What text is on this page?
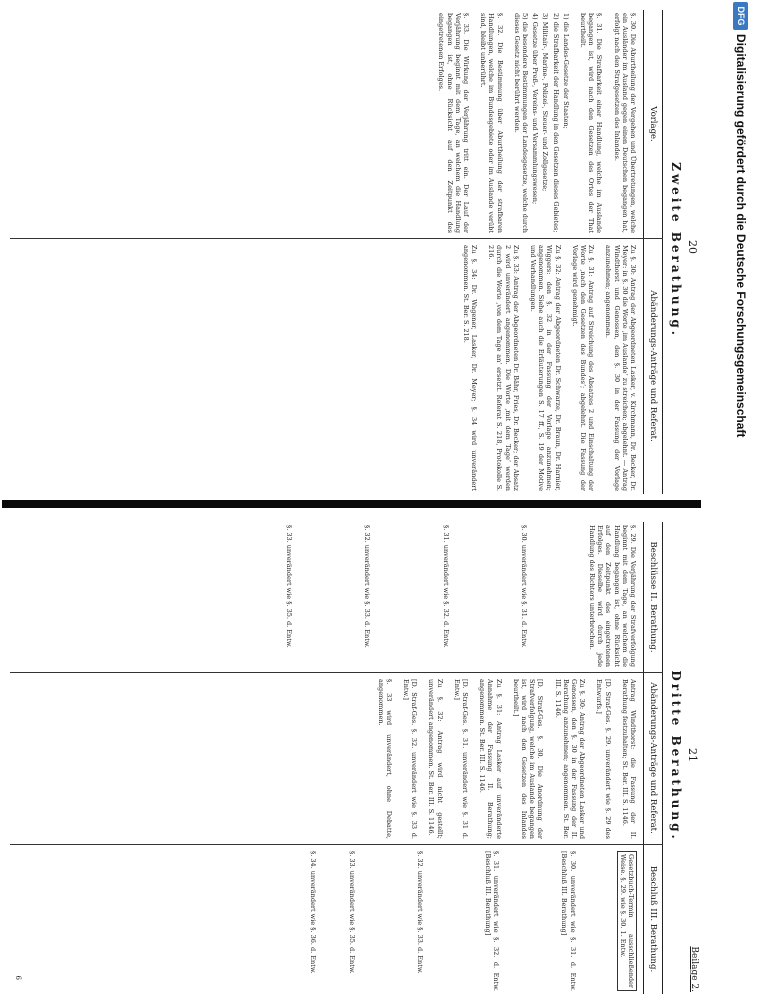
20
Zweite Berathung.
Vorlage.
Abänderungs-Anträge und Referat.

§. 30. Die Aburtheilung der Vergehen und Übertretungen, welche ein Ausländer im Ausland gegen einen Deutschen begangen hat, erfolgt nach den Strafgesetzen des Inlandes.

§. 31. Die Strafbarkeit einer Handlung, welche im Auslande begangen ist, wird nach den Gesetzen des Ortes der That beurtheilt.

1) die Landes-Gesetze der Staaten;

2) die Strafbarkeit der Handlung in den Gesetzen dieses Gebietes;

3) Militair-, Marine-, Polizei-, Steuer- und Zollgesetze;

4) Gesetze über Preß-, Vereins- und Versammlungswesen;

5) die besondere Bestimmungen der Landesgesetze, welche durch dieses Gesetz nicht berührt werden.

§. 32. Die Bestimmung über Aburtheilung der strafbaren Handlungen, welche im Bundesgebiete oder im Auslande verübt sind, bleibt unberührt.

§. 33. Die Wirkung der Verjährung tritt ein. Der Lauf der Verjährung beginnt mit dem Tage, an welchem die Handlung begangen ist, ohne Rücksicht auf den Zeitpunkt des eingetretenen Erfolges.

Zu §. 30: Antrag der Abgeordneten Lasker, v. Kirchmann, Dr. Becker, Dr. Meyer: in §. 30 die Worte ‚im Auslande‘ zu streichen; abgelehnt. — Antrag Windthorst und Genossen, den §. 30 in der Fassung der Vorlage anzunehmen; angenommen.

Zu §. 31: Antrag auf Streichung des Absatzes 2 und Einschaltung der Worte ‚nach den Gesetzen des Bundes‘; abgelehnt. Die Fassung der Vorlage wird genehmigt.

Zu §. 32: Antrag der Abgeordneten Dr. Schwarze, Dr. Braun, Dr. Harnier, Wiggers: den §. 32 in der Fassung der Vorlage anzunehmen; angenommen. Siehe auch die Erläuterungen S. 17 ff., S. 19 der Motive und Verhandlungen.

Zu §. 33: Antrag der Abgeordneten Dr. Bähr, Fries, Dr. Becker; der Absatz 2 wird unverändert angenommen. Die Worte ‚mit dem Tage‘ werden durch die Worte ‚von dem Tage an‘ ersetzt. Referat S. 218, Protokolle S. 216.

Zu §. 34: Dr. Wagener, Lasker, Dr. Meyer; §. 34 wird unverändert angenommen. St. Ber. S. 218.

21
Beilage 2.
Dritte Berathung.
Beschlüsse II. Berathung.
Abänderungs-Anträge und Referat.
Beschluß III. Berathung.

§. 29. Die Verjährung der Strafverfolgung beginnt mit dem Tage, an welchem die Handlung begangen ist, ohne Rücksicht auf den Zeitpunkt des eingetretenen Erfolges. Dieselbe wird durch jede Handlung des Richters unterbrochen.

§. 30. unverändert wie §. 31. d. Entw.

§. 31. unverändert wie §. 32. d. Entw.

§. 32. unverändert wie §. 33. d. Entw.

§. 33. unverändert wie §. 35. d. Entw.

Antrag Windthorst: die Fassung der II. Berathung festzuhalten; St. Ber. III. S. 1146.

[D. Straf-Ges. §. 29. unverändert wie §. 29 des Entwurfs.]

Zu §. 30: Antrag der Abgeordneten Lasker und Genossen, den §. 30 in der Fassung der II. Berathung anzunehmen; angenommen. St. Ber. III. S. 1146.

[D. Straf-Ges. §. 30. Die Anordnung der Strafverfolgung, welche im Auslande begangen ist, wird nach den Gesetzen des Inlandes beurtheilt.]

Zu §. 31: Antrag Lasker auf unveränderte Annahme der Fassung II. Berathung; angenommen. St. Ber. III. S. 1146.

[D. Straf-Ges. §. 31. unverändert wie §. 31 d. Entw.]

Zu §. 32: Antrag wird nicht gestellt; unverändert angenommen. St. Ber. III. S. 1146.

[D. Straf-Ges. §. 32. unverändert wie §. 33 d. Entw.]

§. 33 wird unverändert, ohne Debatte, angenommen.

Gesetzbuch-Termin ausschließender Weise. §. 29. wie §. 30. 1. Entw.

§. 30. unverändert wie §. 31. d. Entw. [Beschluß III. Berathung]

§. 31. unverändert wie §. 32. d. Entw. [Beschluß III. Berathung]

§. 32. unverändert wie §. 33. d. Entw.

§. 33. unverändert wie §. 35. d. Entw.

§. 34. unverändert wie §. 36. d. Entw.

6
DFG
Digitalisierung gefördert durch die Deutsche Forschungsgemeinschaft
